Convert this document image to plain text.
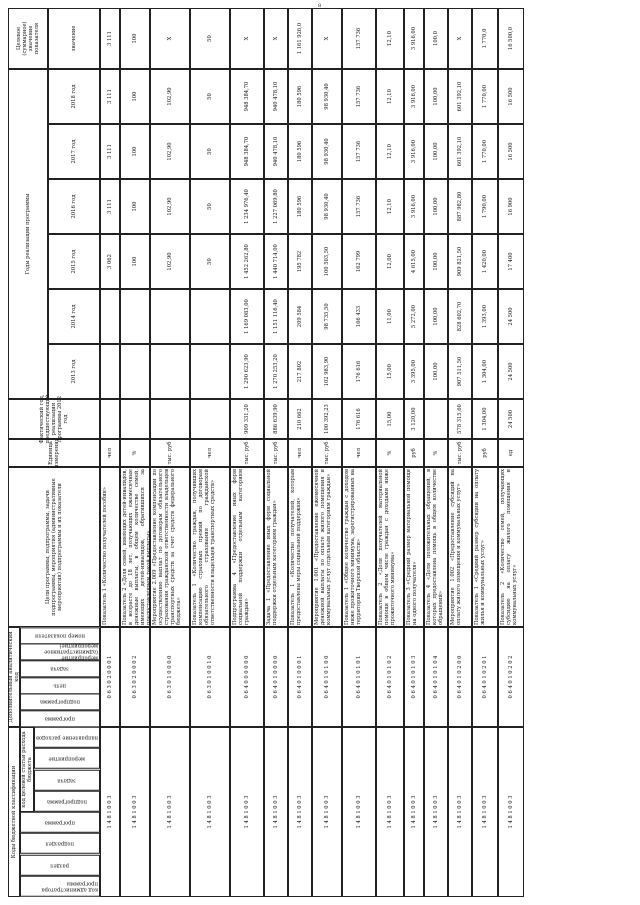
8
Коды бюджетной классификации
Дополнительный аналитический код
Цели программы, подпрограммы, задачи подпрограммы, мероприятия (административные мероприятия) подпрограммы и их показатели
Единица измерения
Фактический год, предшествующий реализации программы 2012 год
Годы реализации программы
Целевое (суммарное) значение показателя	значение
2013 год
2014 год
2015 год
2016 год
2017 год
2018 год
код целевой статьи расхода бюджета
код администратора программы
раздел
подраздел
программа
подпрограмма
задача
мероприятие
направление расходов
программа
подпрограмма
цель
задача
мероприятие (административное мероприятие)
номер показателя
1 4 8 1 0 0 3
0 6 3 0 2 0 0 0 1
Показатель 1 «Количество получателей пособия»
чел
3 062
3 111
3 111
3 111
3 111
1 4 8 1 0 0 3
0 6 3 0 2 0 0 0 2
Показатель 2 «Доля семей, имеющих детей-инвалидов, в возрасте до 18 лет, получающих ежемесячные денежные выплаты, в общем количестве семей, имеющих детей-инвалидов, обратившихся за предоставлением такой выплаты»
%
100
100
100
100
100
1 4 8 1 0 0 3
0 6 3 0 1 0 0 0 0
Мероприятие 2.009 «Предоставление компенсации по осуществлению выплат по договорам обязательного страхования гражданской ответственности владельцев транспортных средств за счет средств федерального бюджета»
тыс. руб
102,90
102,90
102,90
102,90
X
1 4 8 1 0 0 3
0 6 3 0 1 0 0 1 0
Показатель 1 «Количество граждан, получивших компенсацию страховых премий по договорам обязательного страхования гражданской ответственности владельцев транспортных средств»
чел
50
50
50
50
50
1 4 8 1 0 0 3
0 6 4 0 0 0 0 0 0
Подпрограмма 4 «Предоставление иных форм социальной поддержки отдельным категориям граждан»
тыс. руб
909 331,20
1 290 623,90
1 169 083,00
1 452 262,80
1 234 976,40
948 384,70
948 384,70
X
1 4 8 1 0 0 3
0 6 4 0 1 0 0 0 0
Задача 1 «Предоставление иных форм социальной поддержки отдельным категориям граждан»
тыс. руб
886 639,90
1 270 253,20
1 151 116,40
1 440 714,00
1 227 069,80
940 478,10
940 478,10
X
1 4 8 1 0 0 3
0 6 4 0 1 0 0 0 1
Показатель 1 «Количество получателей, которым предоставлены меры социальной поддержки»
чел
210 662
217 802
209 584
195 782
180 596
180 596
180 596
1 161 926,0
1 4 8 1 0 0 3
0 6 4 0 1 0 1 0 0
Мероприятие 1.001 «Предоставление ежемесячной денежной выплаты по оплате жилого помещения и коммунальных услуг отдельным категориям граждан»
тыс. руб
100 392,23
102 983,90
98 735,50
100 503,50
98 930,40
98 930,40
98 930,40
X
1 4 8 1 0 0 3
0 6 4 0 1 0 1 0 1
Показатель 1 «Общее количество граждан с доходом ниже прожиточного минимума, зарегистрированных на территории Тверской области»
чел
176 616
176 616
166 433
162 799
157 736
157 736
157 736
157 736
1 4 8 1 0 0 3
0 6 4 0 1 0 1 0 2
Показатель 2 «Доля получателей материальной помощи в общем числе граждан с доходами ниже прожиточного минимума»
%
15,00
15,00
11,00
12,00
12,10
12,10
12,10
12,10
1 4 8 1 0 0 3
0 6 4 0 1 0 1 0 3
Показатель 3 «Средний размер материальной помощи на одного получателя»
руб
3 120,00
3 395,00
5 272,00
4 615,00
3 916,00
3 916,00
3 916,00
3 916,00
1 4 8 1 0 0 3
0 6 4 0 1 0 1 0 4
Показатель 4 «Доля положительных обращений, в которых предоставлена помощь в общем количестве обращений»
%
100,00
100,00
100,00
100,00
100,00
100,00
100,0
1 4 8 1 0 0 3
0 6 4 0 1 0 2 0 0
Мероприятие 1.002 «Предоставление субсидий на оплату жилого помещения и коммунальных услуг»
тыс. руб
578 315,60
907 511,50
828 602,70
909 821,50
887 982,80
601 392,10
601 392,10
X
1 4 8 1 0 0 3
0 6 4 0 1 0 2 0 1
Показатель 1 «Средний размер субсидии на оплату жилья и коммунальных услуг»
руб
1 304,00
1 304,00
1 393,00
1 420,00
1 790,00
1 770,00
1 770,00
1 770,0
1 4 8 1 0 0 3
0 6 4 0 1 0 2 0 2
Показатель 2 «Количество семей, получающих субсидию на оплату жилого помещения и коммунальных услуг»
ед
24 500
24 500
24 500
17 400
16 900
16 500
16 500
16 500,0
